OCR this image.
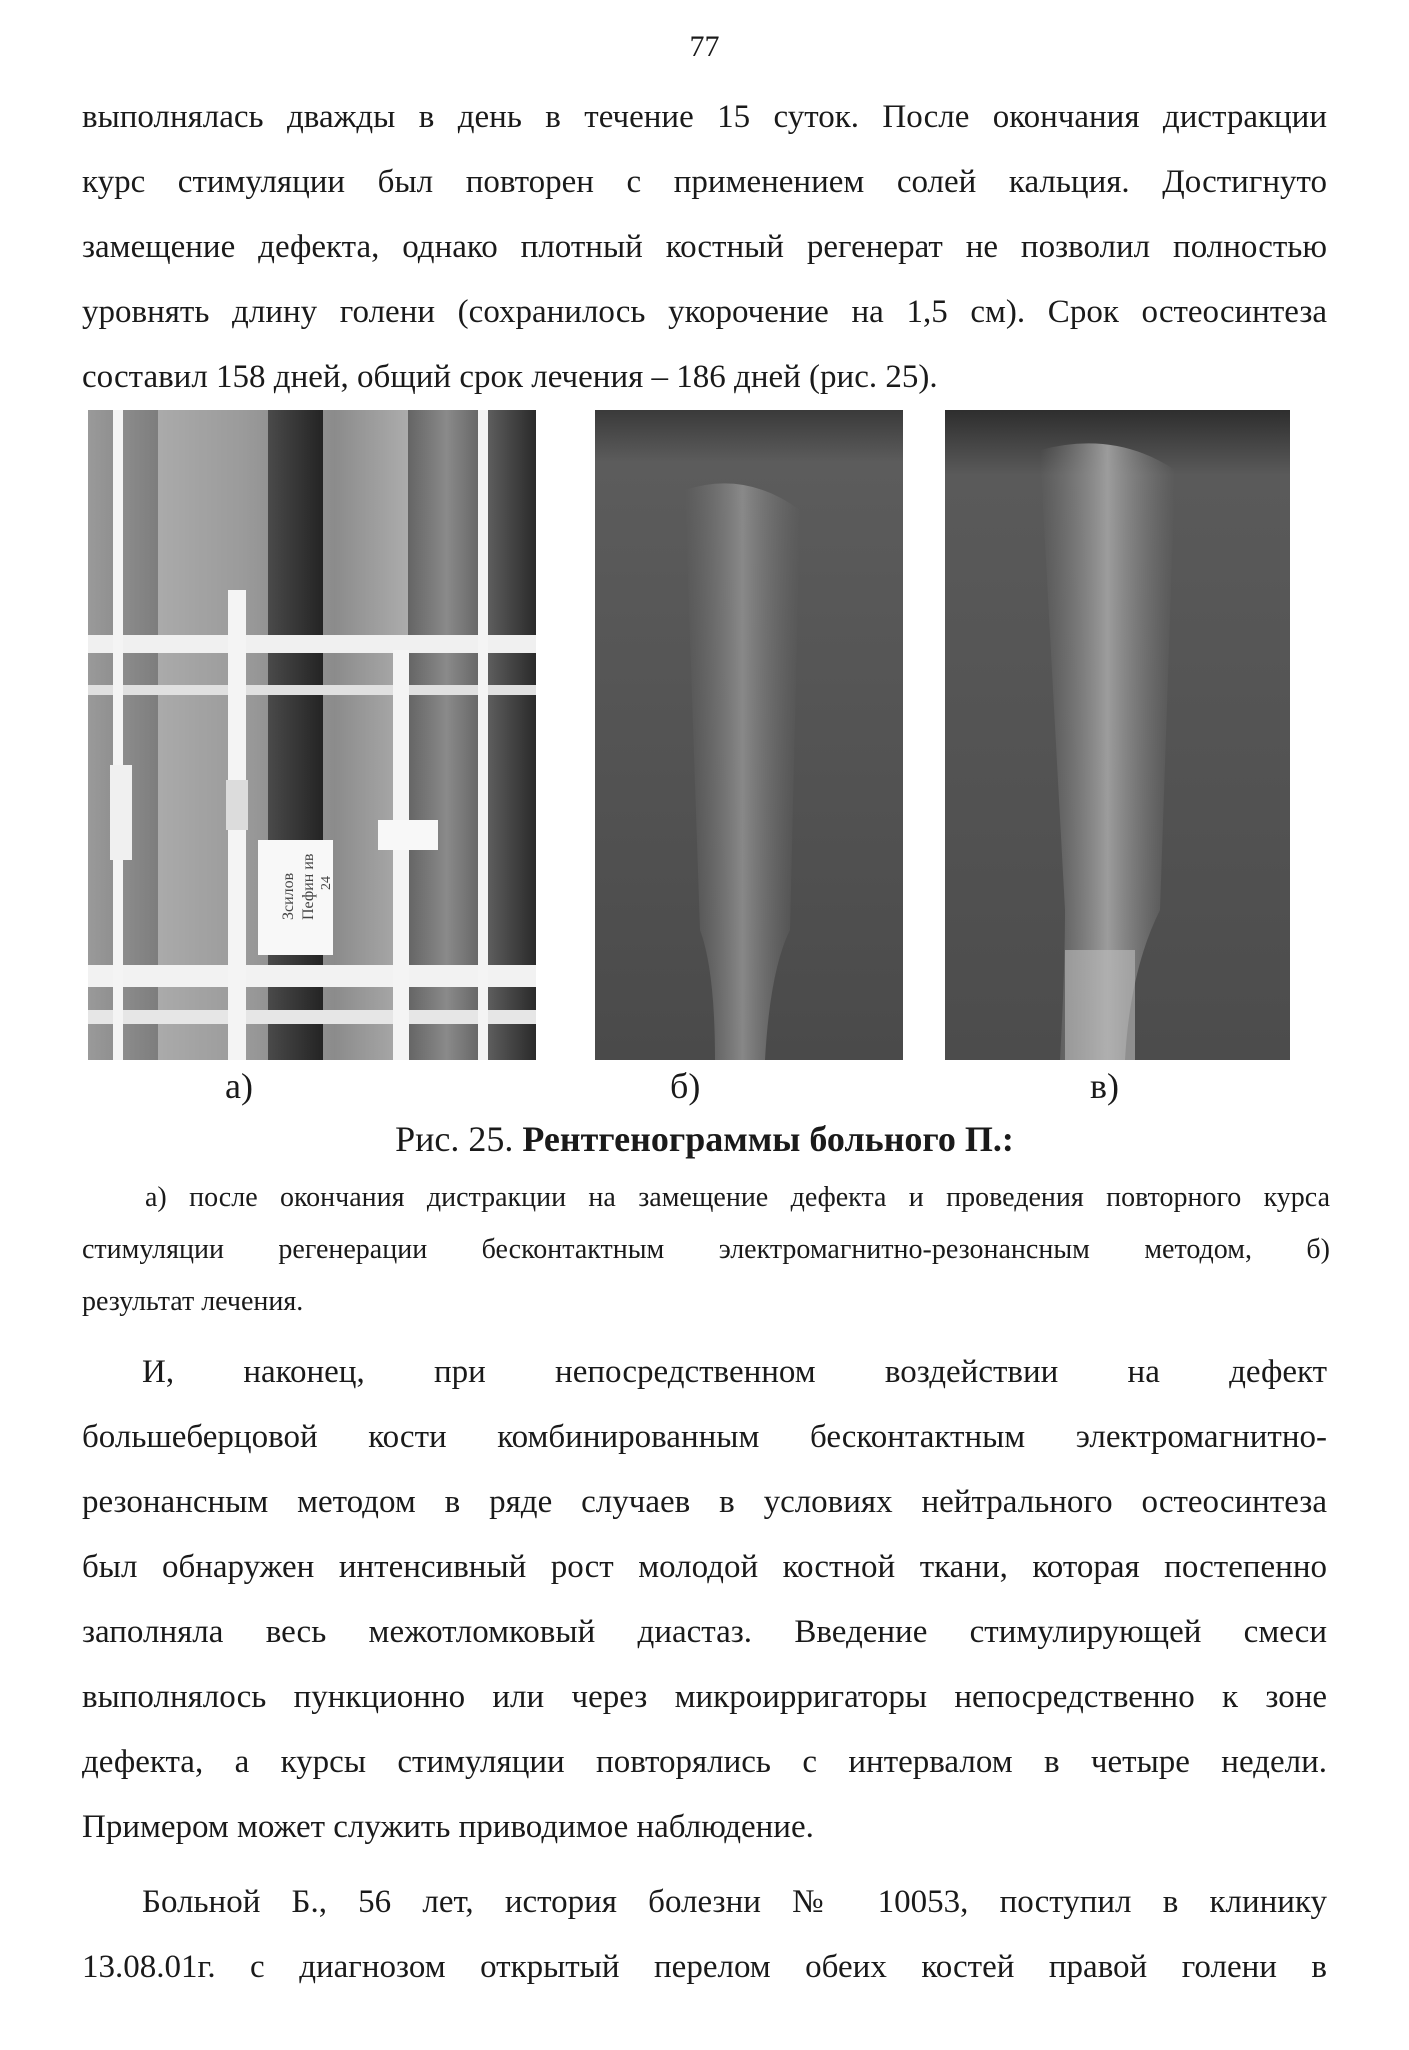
77
выполнялась дважды в день в течение 15 суток. После окончания дистракции
курс стимуляции был повторен с применением солей кальция. Достигнуто
замещение дефекта, однако плотный костный регенерат не позволил полностью
уровнять длину голени (сохранилось укорочение на 1,5 см). Срок остеосинтеза
составил 158 дней, общий срок лечения – 186 дней (рис. 25).
Зсилов Пефин ив 24
а)	б)	в)
Рис. 25. Рентгенограммы больного П.:
а) после окончания дистракции на замещение дефекта и проведения повторного курса
стимуляции регенерации бесконтактным электромагнитно-резонансным методом, б)
результат лечения.
И, наконец, при непосредственном воздействии на дефект
большеберцовой кости комбинированным бесконтактным электромагнитно-
резонансным методом в ряде случаев в условиях нейтрального остеосинтеза
был обнаружен интенсивный рост молодой костной ткани, которая постепенно
заполняла весь межотломковый диастаз. Введение стимулирующей смеси
выполнялось пункционно или через микроирригаторы непосредственно к зоне
дефекта, а курсы стимуляции повторялись с интервалом в четыре недели.
Примером может служить приводимое наблюдение.
Больной Б., 56 лет, история болезни № 10053, поступил в клинику
13.08.01г. с диагнозом открытый перелом обеих костей правой голени в
